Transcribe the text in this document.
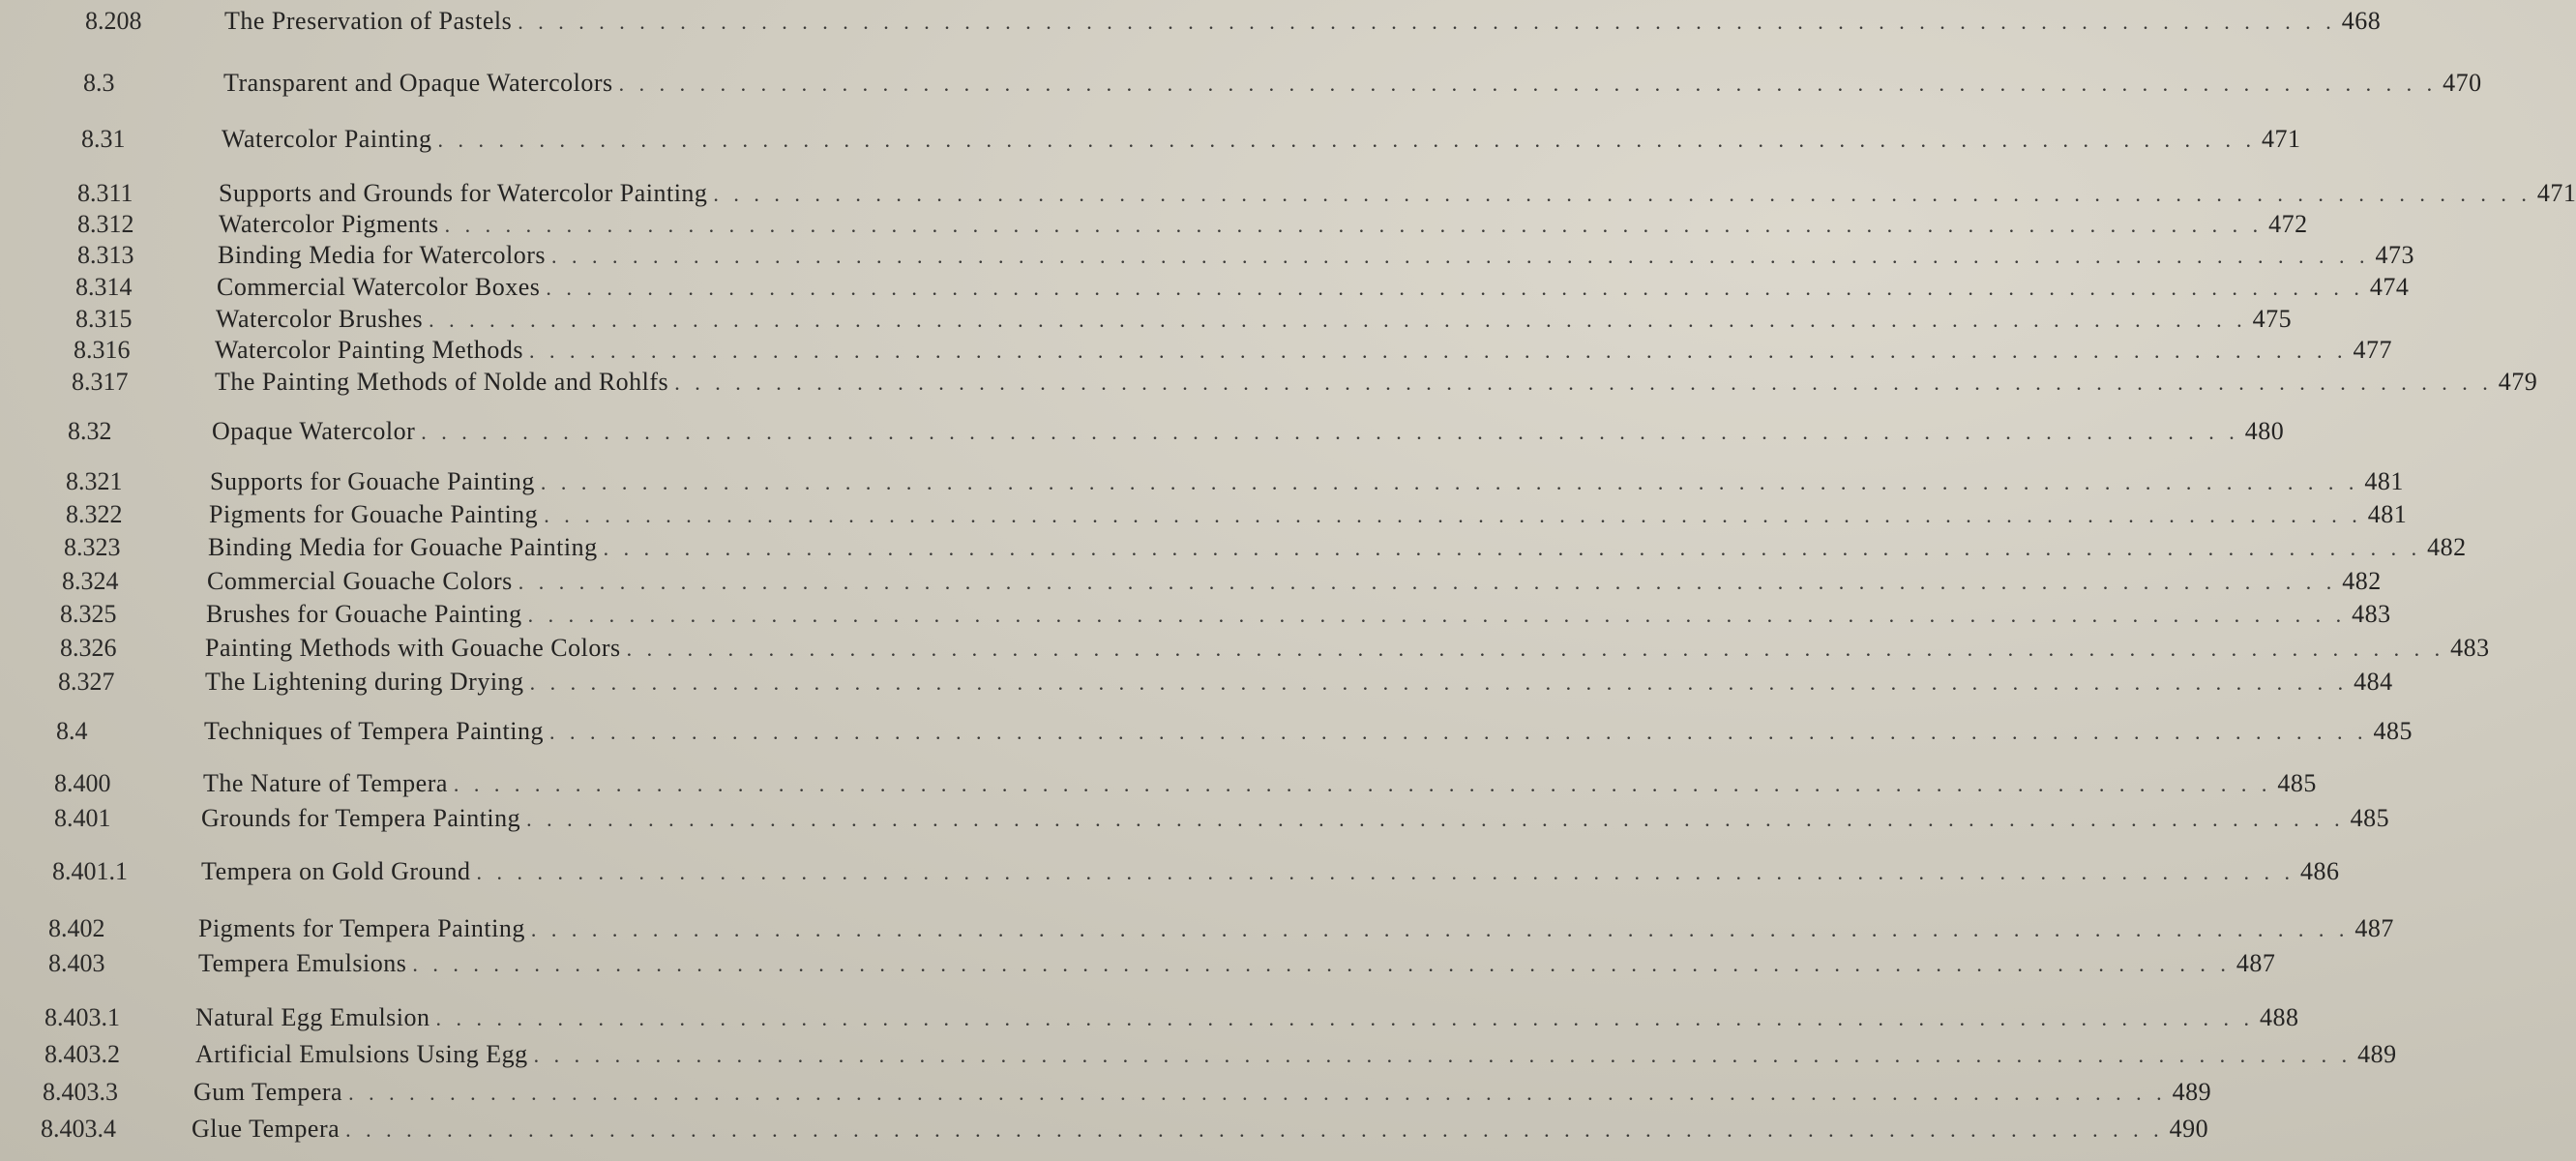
8.208	The Preservation of Pastels . . . . . . . . . . . . . . . . . . . . . . . . . . . . . . . . . . . . . . . . . . . . . . . . . . . . . . . . . . . . . . . . . . . . . . . . . . . . . . . . . . . . . . . . . . 468
8.3	Transparent and Opaque Watercolors . . . . . . . . . . . . . . . . . . . . . . . . . . . . . . . . . . . . . . . . . . . . . . . . . . . . . . . . . . . . . . . . . . . . . . . . . . . . . . . . . . . . . . . . . . 470
8.31	Watercolor Painting . . . . . . . . . . . . . . . . . . . . . . . . . . . . . . . . . . . . . . . . . . . . . . . . . . . . . . . . . . . . . . . . . . . . . . . . . . . . . . . . . . . . . . . . . . 471
8.311	Supports and Grounds for Watercolor Painting . . . . . . . . . . . . . . . . . . . . . . . . . . . . . . . . . . . . . . . . . . . . . . . . . . . . . . . . . . . . . . . . . . . . . . . . . . . . . . . . . . . . . . . . . . 471
8.312	Watercolor Pigments . . . . . . . . . . . . . . . . . . . . . . . . . . . . . . . . . . . . . . . . . . . . . . . . . . . . . . . . . . . . . . . . . . . . . . . . . . . . . . . . . . . . . . . . . . 472
8.313	Binding Media for Watercolors . . . . . . . . . . . . . . . . . . . . . . . . . . . . . . . . . . . . . . . . . . . . . . . . . . . . . . . . . . . . . . . . . . . . . . . . . . . . . . . . . . . . . . . . . . 473
8.314	Commercial Watercolor Boxes . . . . . . . . . . . . . . . . . . . . . . . . . . . . . . . . . . . . . . . . . . . . . . . . . . . . . . . . . . . . . . . . . . . . . . . . . . . . . . . . . . . . . . . . . . 474
8.315	Watercolor Brushes . . . . . . . . . . . . . . . . . . . . . . . . . . . . . . . . . . . . . . . . . . . . . . . . . . . . . . . . . . . . . . . . . . . . . . . . . . . . . . . . . . . . . . . . . . 475
8.316	Watercolor Painting Methods . . . . . . . . . . . . . . . . . . . . . . . . . . . . . . . . . . . . . . . . . . . . . . . . . . . . . . . . . . . . . . . . . . . . . . . . . . . . . . . . . . . . . . . . . . 477
8.317	The Painting Methods of Nolde and Rohlfs . . . . . . . . . . . . . . . . . . . . . . . . . . . . . . . . . . . . . . . . . . . . . . . . . . . . . . . . . . . . . . . . . . . . . . . . . . . . . . . . . . . . . . . . . . 479
8.32	Opaque Watercolor . . . . . . . . . . . . . . . . . . . . . . . . . . . . . . . . . . . . . . . . . . . . . . . . . . . . . . . . . . . . . . . . . . . . . . . . . . . . . . . . . . . . . . . . . . 480
8.321	Supports for Gouache Painting . . . . . . . . . . . . . . . . . . . . . . . . . . . . . . . . . . . . . . . . . . . . . . . . . . . . . . . . . . . . . . . . . . . . . . . . . . . . . . . . . . . . . . . . . . 481
8.322	Pigments for Gouache Painting . . . . . . . . . . . . . . . . . . . . . . . . . . . . . . . . . . . . . . . . . . . . . . . . . . . . . . . . . . . . . . . . . . . . . . . . . . . . . . . . . . . . . . . . . . 481
8.323	Binding Media for Gouache Painting . . . . . . . . . . . . . . . . . . . . . . . . . . . . . . . . . . . . . . . . . . . . . . . . . . . . . . . . . . . . . . . . . . . . . . . . . . . . . . . . . . . . . . . . . . 482
8.324	Commercial Gouache Colors . . . . . . . . . . . . . . . . . . . . . . . . . . . . . . . . . . . . . . . . . . . . . . . . . . . . . . . . . . . . . . . . . . . . . . . . . . . . . . . . . . . . . . . . . . 482
8.325	Brushes for Gouache Painting . . . . . . . . . . . . . . . . . . . . . . . . . . . . . . . . . . . . . . . . . . . . . . . . . . . . . . . . . . . . . . . . . . . . . . . . . . . . . . . . . . . . . . . . . . 483
8.326	Painting Methods with Gouache Colors . . . . . . . . . . . . . . . . . . . . . . . . . . . . . . . . . . . . . . . . . . . . . . . . . . . . . . . . . . . . . . . . . . . . . . . . . . . . . . . . . . . . . . . . . . 483
8.327	The Lightening during Drying . . . . . . . . . . . . . . . . . . . . . . . . . . . . . . . . . . . . . . . . . . . . . . . . . . . . . . . . . . . . . . . . . . . . . . . . . . . . . . . . . . . . . . . . . . 484
8.4	Techniques of Tempera Painting . . . . . . . . . . . . . . . . . . . . . . . . . . . . . . . . . . . . . . . . . . . . . . . . . . . . . . . . . . . . . . . . . . . . . . . . . . . . . . . . . . . . . . . . . . 485
8.400	The Nature of Tempera . . . . . . . . . . . . . . . . . . . . . . . . . . . . . . . . . . . . . . . . . . . . . . . . . . . . . . . . . . . . . . . . . . . . . . . . . . . . . . . . . . . . . . . . . . 485
8.401	Grounds for Tempera Painting . . . . . . . . . . . . . . . . . . . . . . . . . . . . . . . . . . . . . . . . . . . . . . . . . . . . . . . . . . . . . . . . . . . . . . . . . . . . . . . . . . . . . . . . . . 485
8.401.1	Tempera on Gold Ground . . . . . . . . . . . . . . . . . . . . . . . . . . . . . . . . . . . . . . . . . . . . . . . . . . . . . . . . . . . . . . . . . . . . . . . . . . . . . . . . . . . . . . . . . . 486
8.402	Pigments for Tempera Painting . . . . . . . . . . . . . . . . . . . . . . . . . . . . . . . . . . . . . . . . . . . . . . . . . . . . . . . . . . . . . . . . . . . . . . . . . . . . . . . . . . . . . . . . . . 487
8.403	Tempera Emulsions . . . . . . . . . . . . . . . . . . . . . . . . . . . . . . . . . . . . . . . . . . . . . . . . . . . . . . . . . . . . . . . . . . . . . . . . . . . . . . . . . . . . . . . . . . 487
8.403.1	Natural Egg Emulsion . . . . . . . . . . . . . . . . . . . . . . . . . . . . . . . . . . . . . . . . . . . . . . . . . . . . . . . . . . . . . . . . . . . . . . . . . . . . . . . . . . . . . . . . . . 488
8.403.2	Artificial Emulsions Using Egg . . . . . . . . . . . . . . . . . . . . . . . . . . . . . . . . . . . . . . . . . . . . . . . . . . . . . . . . . . . . . . . . . . . . . . . . . . . . . . . . . . . . . . . . . . 489
8.403.3	Gum Tempera . . . . . . . . . . . . . . . . . . . . . . . . . . . . . . . . . . . . . . . . . . . . . . . . . . . . . . . . . . . . . . . . . . . . . . . . . . . . . . . . . . . . . . . . . . 489
8.403.4	Glue Tempera . . . . . . . . . . . . . . . . . . . . . . . . . . . . . . . . . . . . . . . . . . . . . . . . . . . . . . . . . . . . . . . . . . . . . . . . . . . . . . . . . . . . . . . . . . 490
